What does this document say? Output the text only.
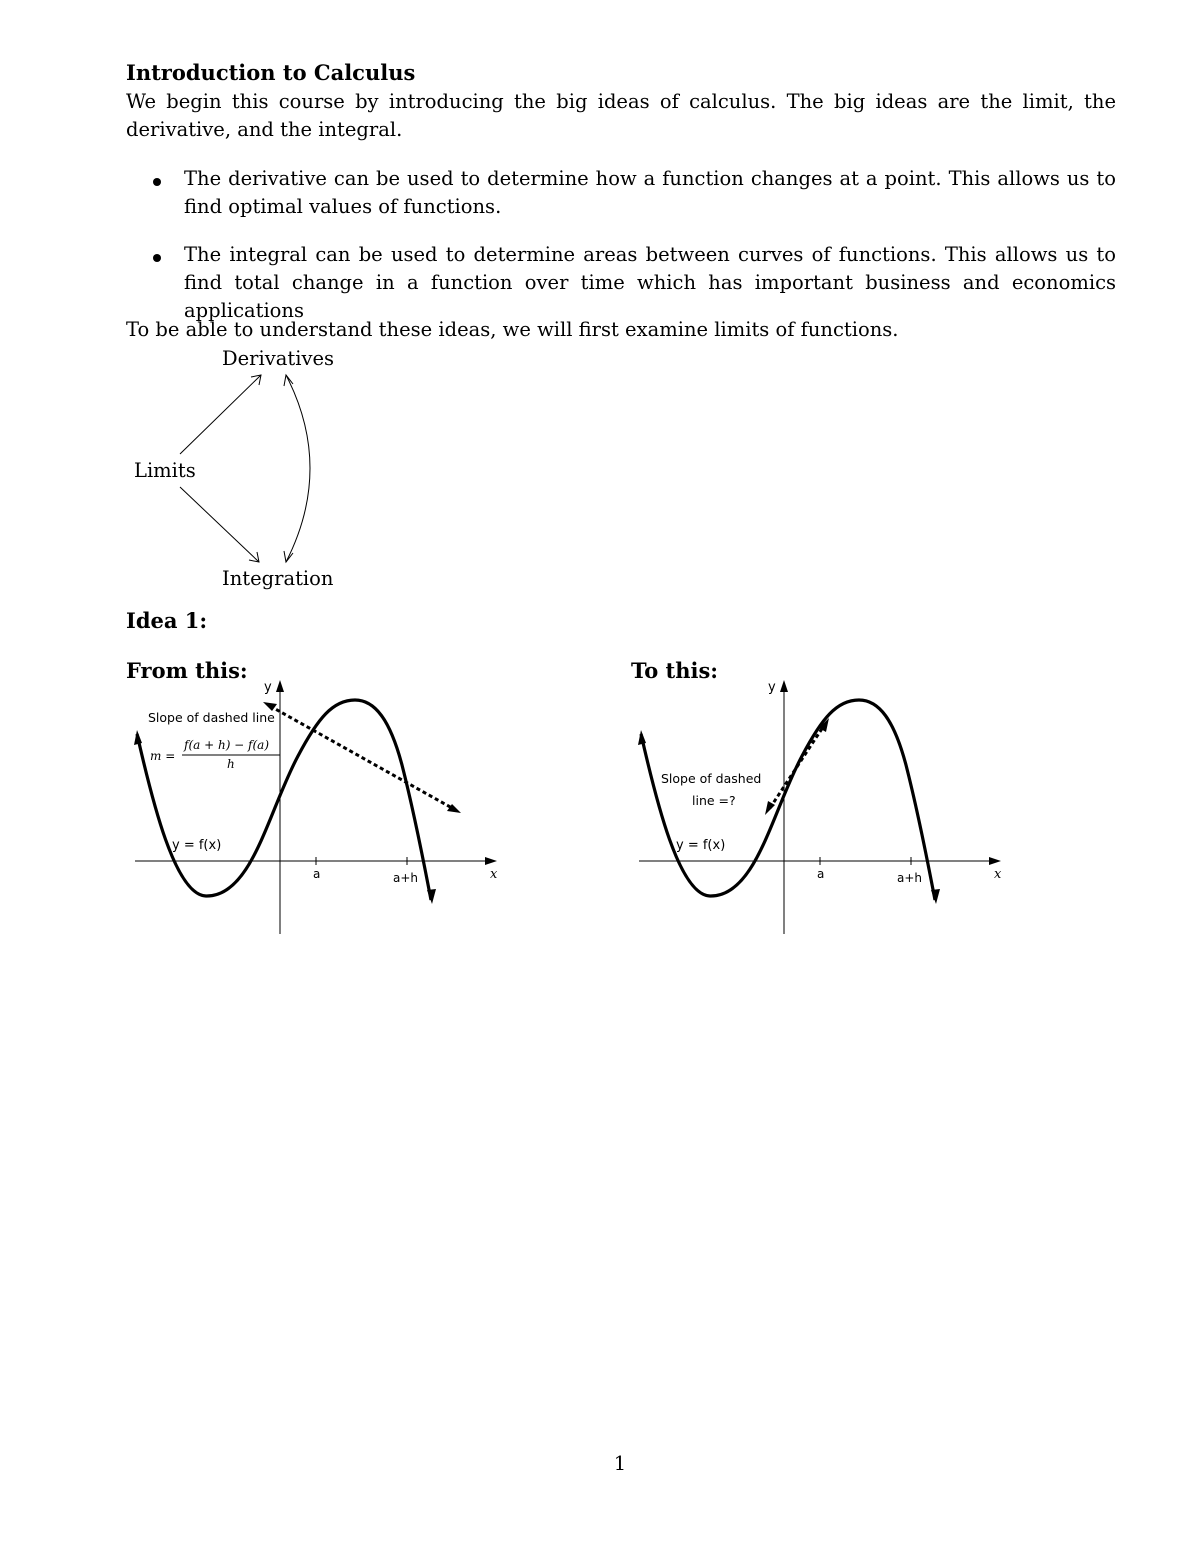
Introduction to Calculus

We begin this course by introducing the big ideas of calculus. The big ideas are the limit, the derivative, and the integral.

The derivative can be used to determine how a function changes at a point. This allows us to find optimal values of functions.
The integral can be used to determine areas between curves of functions. This allows us to find total change in a function over time which has important business and economics applications

To be able to understand these ideas, we will first examine limits of functions.

Derivatives
Limits
Integration
Idea 1:
From this:	To this:
y
x
a	a+h
y = f(x)
Slope of dashed line
m =
f(a + h) − f(a)
h
y
x
a	a+h
y = f(x)
Slope of dashed
line =?
1
